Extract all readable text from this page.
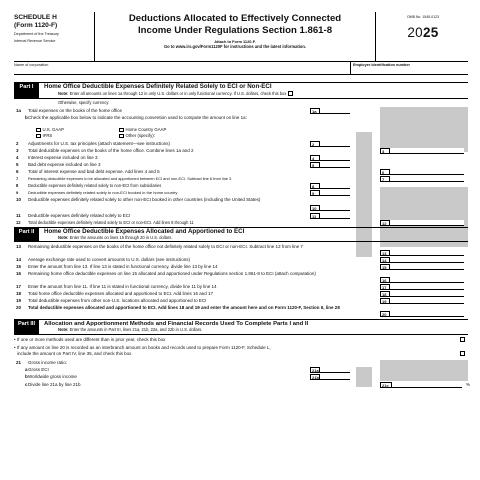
SCHEDULE H
(Form 1120-F)
Department of the Treasury
Internal Revenue Service
Deductions Allocated to Effectively Connected
Income Under Regulations Section 1.861-8
Attach to Form 1120-F.
Go to www.irs.gov/Form1120F for instructions and the latest information.
OMB No. 1545-0123
2025
Name of corporation	Employer identification number
Part I	Home Office Deductible Expenses Definitely Related Solely to ECI or Non-ECI
Note: Enter all amounts on lines 1a through 12 in only U.S. dollars or in only functional currency. If U.S. dollars, check this box
Otherwise, specify currency:
1a Total expenses on the books of the home office	1a
b Check the applicable box below to indicate the accounting convention used to compute the amount on line 1a:
U.S. GAAP	Home Country GAAP
IFRS	Other (specify):
2 Adjustments for U.S. tax principles (attach statement—see instructions)	2
3 Total deductible expenses on the books of the home office. Combine lines 1a and 2	3
4 Interest expense included on line 3	4
5 Bad debt expense included on line 3	5
6 Total of interest expense and bad debt expense. Add lines 4 and 5	6
7	Remaining deductible expenses to be allocated and apportioned between ECI and non-ECI. Subtract line 6 from line 3	7
8 Deductible expenses definitely related solely to non-ECI from subsidiaries	8
9 Deductible expenses definitely related solely to non-ECI booked in the home country	9
10 Deductible expenses definitely related solely to other non-ECI booked in other countries (including the United States)
10
11 Deductible expenses definitely related solely to ECI	11
12 Total deductible expenses definitely related solely to ECI or non-ECI. Add lines 8 through 11	12
Part II	Home Office Deductible Expenses Allocated and Apportioned to ECI
Note: Enter the amounts on lines 15 through 20 in U.S. dollars.
13 Remaining deductible expenses on the books of the home office not definitely related solely to ECI or non-ECI. Subtract line 12 from line 7
13
14 Average exchange rate used to convert amounts to U.S. dollars (see instructions)	14
15 Enter the amount from line 13. If line 13 is stated in functional currency, divide line 13 by line 14	15
16 Remaining home office deductible expenses on line 15 allocated and apportioned under Regulations section 1.861-8 to ECI (attach computation)
16
17 Enter the amount from line 11. If line 11 is stated in functional currency, divide line 11 by line 14	17
18 Total home office deductible expenses allocated and apportioned to ECI. Add lines 16 and 17	18
19 Total deductible expenses from other non-U.S. locations allocated and apportioned to ECI	19
20 Total deductible expenses allocated and apportioned to ECI. Add lines 18 and 19 and enter the amount here and on Form 1120-F, Section II, line 28
20
Part III	Allocation and Apportionment Methods and Financial Records Used To Complete Parts I and II
Note: Enter the amounts in Part III, lines 21a, 21b, 22a, and 22b in U.S. dollars.
• If one or more methods used are different than in prior year, check this box
• If any amount on line 20 is recorded as an interbranch amount on books and records used to prepare Form 1120-F, Schedule L,
include the amount on Part IV, line 35, and check this box
21 Gross income ratio:
a Gross ECI	21a
b Worldwide gross income	21b
c Divide line 21a by line 21b	21c	%
